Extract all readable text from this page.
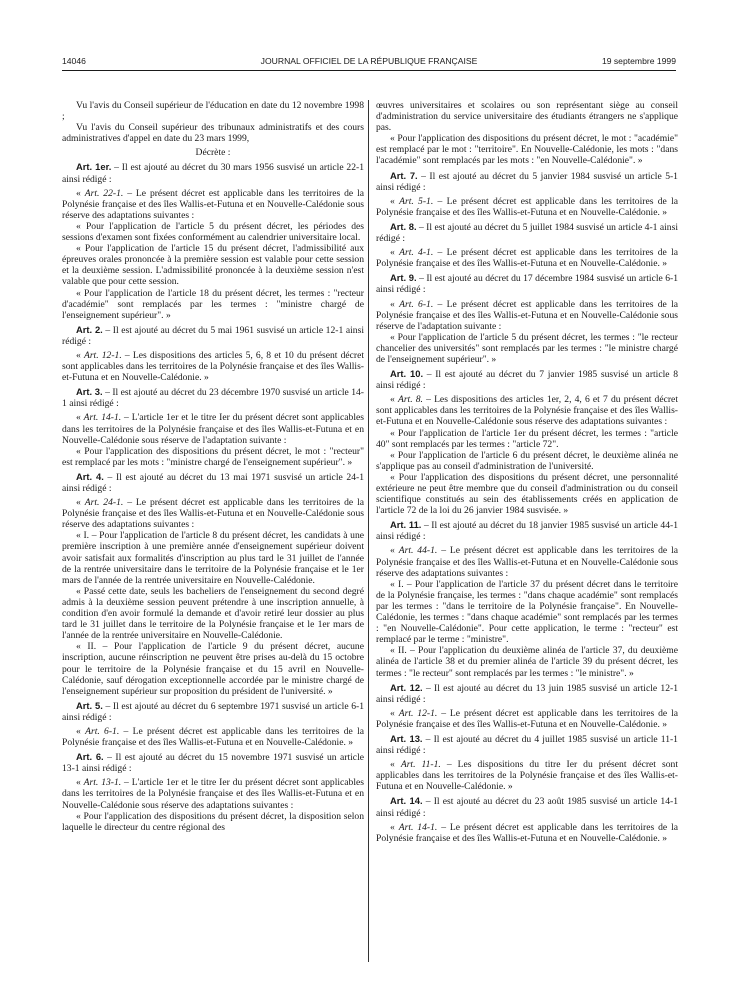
14046	JOURNAL OFFICIEL DE LA RÉPUBLIQUE FRANÇAISE	19 septembre 1999

Vu l'avis du Conseil supérieur de l'éducation en date du 12 novembre 1998 ;

Vu l'avis du Conseil supérieur des tribunaux administratifs et des cours administratives d'appel en date du 23 mars 1999,

Décrète :

Art. 1er. – Il est ajouté au décret du 30 mars 1956 susvisé un article 22-1 ainsi rédigé :

« Art. 22-1. – Le présent décret est applicable dans les territoires de la Polynésie française et des îles Wallis-et-Futuna et en Nouvelle-Calédonie sous réserve des adaptations suivantes :

« Pour l'application de l'article 5 du présent décret, les périodes des sessions d'examen sont fixées conformément au calendrier universitaire local.

« Pour l'application de l'article 15 du présent décret, l'admissibilité aux épreuves orales prononcée à la première session est valable pour cette session et la deuxième session. L'admissibilité prononcée à la deuxième session n'est valable que pour cette session.

« Pour l'application de l'article 18 du présent décret, les termes : "recteur d'académie" sont remplacés par les termes : "ministre chargé de l'enseignement supérieur". »

Art. 2. – Il est ajouté au décret du 5 mai 1961 susvisé un article 12-1 ainsi rédigé :

« Art. 12-1. – Les dispositions des articles 5, 6, 8 et 10 du présent décret sont applicables dans les territoires de la Polynésie française et des îles Wallis-et-Futuna et en Nouvelle-Calédonie. »

Art. 3. – Il est ajouté au décret du 23 décembre 1970 susvisé un article 14-1 ainsi rédigé :

« Art. 14-1. – L'article 1er et le titre Ier du présent décret sont applicables dans les territoires de la Polynésie française et des îles Wallis-et-Futuna et en Nouvelle-Calédonie sous réserve de l'adaptation suivante :

« Pour l'application des dispositions du présent décret, le mot : "recteur" est remplacé par les mots : "ministre chargé de l'enseignement supérieur". »

Art. 4. – Il est ajouté au décret du 13 mai 1971 susvisé un article 24-1 ainsi rédigé :

« Art. 24-1. – Le présent décret est applicable dans les territoires de la Polynésie française et des îles Wallis-et-Futuna et en Nouvelle-Calédonie sous réserve des adaptations suivantes :

« I. – Pour l'application de l'article 8 du présent décret, les candidats à une première inscription à une première année d'enseignement supérieur doivent avoir satisfait aux formalités d'inscription au plus tard le 31 juillet de l'année de la rentrée universitaire dans le territoire de la Polynésie française et le 1er mars de l'année de la rentrée universitaire en Nouvelle-Calédonie.

« Passé cette date, seuls les bacheliers de l'enseignement du second degré admis à la deuxième session peuvent prétendre à une inscription annuelle, à condition d'en avoir formulé la demande et d'avoir retiré leur dossier au plus tard le 31 juillet dans le territoire de la Polynésie française et le 1er mars de l'année de la rentrée universitaire en Nouvelle-Calédonie.

« II. – Pour l'application de l'article 9 du présent décret, aucune inscription, aucune réinscription ne peuvent être prises au-delà du 15 octobre pour le territoire de la Polynésie française et du 15 avril en Nouvelle-Calédonie, sauf dérogation exceptionnelle accordée par le ministre chargé de l'enseignement supérieur sur proposition du président de l'université. »

Art. 5. – Il est ajouté au décret du 6 septembre 1971 susvisé un article 6-1 ainsi rédigé :

« Art. 6-1. – Le présent décret est applicable dans les territoires de la Polynésie française et des îles Wallis-et-Futuna et en Nouvelle-Calédonie. »

Art. 6. – Il est ajouté au décret du 15 novembre 1971 susvisé un article 13-1 ainsi rédigé :

« Art. 13-1. – L'article 1er et le titre Ier du présent décret sont applicables dans les territoires de la Polynésie française et des îles Wallis-et-Futuna et en Nouvelle-Calédonie sous réserve des adaptations suivantes :

« Pour l'application des dispositions du présent décret, la disposition selon laquelle le directeur du centre régional des

œuvres universitaires et scolaires ou son représentant siège au conseil d'administration du service universitaire des étudiants étrangers ne s'applique pas.

« Pour l'application des dispositions du présent décret, le mot : "académie" est remplacé par le mot : "territoire". En Nouvelle-Calédonie, les mots : "dans l'académie" sont remplacés par les mots : "en Nouvelle-Calédonie". »

Art. 7. – Il est ajouté au décret du 5 janvier 1984 susvisé un article 5-1 ainsi rédigé :

« Art. 5-1. – Le présent décret est applicable dans les territoires de la Polynésie française et des îles Wallis-et-Futuna et en Nouvelle-Calédonie. »

Art. 8. – Il est ajouté au décret du 5 juillet 1984 susvisé un article 4-1 ainsi rédigé :

« Art. 4-1. – Le présent décret est applicable dans les territoires de la Polynésie française et des îles Wallis-et-Futuna et en Nouvelle-Calédonie. »

Art. 9. – Il est ajouté au décret du 17 décembre 1984 susvisé un article 6-1 ainsi rédigé :

« Art. 6-1. – Le présent décret est applicable dans les territoires de la Polynésie française et des îles Wallis-et-Futuna et en Nouvelle-Calédonie sous réserve de l'adaptation suivante :

« Pour l'application de l'article 5 du présent décret, les termes : "le recteur chancelier des universités" sont remplacés par les termes : "le ministre chargé de l'enseignement supérieur". »

Art. 10. – Il est ajouté au décret du 7 janvier 1985 susvisé un article 8 ainsi rédigé :

« Art. 8. – Les dispositions des articles 1er, 2, 4, 6 et 7 du présent décret sont applicables dans les territoires de la Polynésie française et des îles Wallis-et-Futuna et en Nouvelle-Calédonie sous réserve des adaptations suivantes :

« Pour l'application de l'article 1er du présent décret, les termes : "article 40" sont remplacés par les termes : "article 72".

« Pour l'application de l'article 6 du présent décret, le deuxième alinéa ne s'applique pas au conseil d'administration de l'université.

« Pour l'application des dispositions du présent décret, une personnalité extérieure ne peut être membre que du conseil d'administration ou du conseil scientifique constitués au sein des établissements créés en application de l'article 72 de la loi du 26 janvier 1984 susvisée. »

Art. 11. – Il est ajouté au décret du 18 janvier 1985 susvisé un article 44-1 ainsi rédigé :

« Art. 44-1. – Le présent décret est applicable dans les territoires de la Polynésie française et des îles Wallis-et-Futuna et en Nouvelle-Calédonie sous réserve des adaptations suivantes :

« I. – Pour l'application de l'article 37 du présent décret dans le territoire de la Polynésie française, les termes : "dans chaque académie" sont remplacés par les termes : "dans le territoire de la Polynésie française". En Nouvelle-Calédonie, les termes : "dans chaque académie" sont remplacés par les termes : "en Nouvelle-Calédonie". Pour cette application, le terme : "recteur" est remplacé par le terme : "ministre".

« II. – Pour l'application du deuxième alinéa de l'article 37, du deuxième alinéa de l'article 38 et du premier alinéa de l'article 39 du présent décret, les termes : "le recteur" sont remplacés par les termes : "le ministre". »

Art. 12. – Il est ajouté au décret du 13 juin 1985 susvisé un article 12-1 ainsi rédigé :

« Art. 12-1. – Le présent décret est applicable dans les territoires de la Polynésie française et des îles Wallis-et-Futuna et en Nouvelle-Calédonie. »

Art. 13. – Il est ajouté au décret du 4 juillet 1985 susvisé un article 11-1 ainsi rédigé :

« Art. 11-1. – Les dispositions du titre Ier du présent décret sont applicables dans les territoires de la Polynésie française et des îles Wallis-et-Futuna et en Nouvelle-Calédonie. »

Art. 14. – Il est ajouté au décret du 23 août 1985 susvisé un article 14-1 ainsi rédigé :

« Art. 14-1. – Le présent décret est applicable dans les territoires de la Polynésie française et des îles Wallis-et-Futuna et en Nouvelle-Calédonie. »
